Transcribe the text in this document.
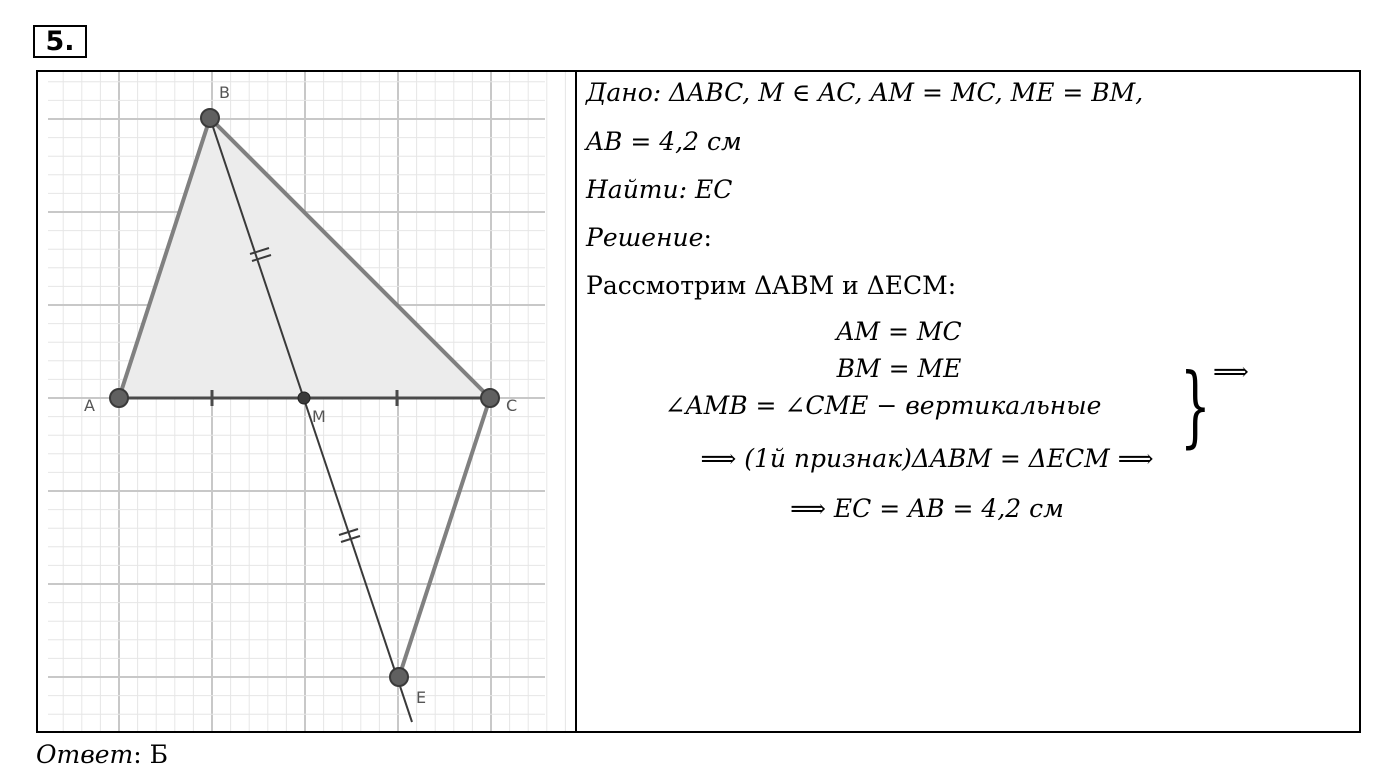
5.
A
B
C
M
E
Дано: ΔABC, M ∈ AC, AM = MC, ME = BM,
AB = 4,2 см
Найти: EC
Решение:
Рассмотрим ΔABM и ΔECM:
AM = MC
BM = ME
∠AMB = ∠CME − вертикальные } ⟹
⟹ (1й признак)ΔABM = ΔECM ⟹
⟹ EC = AB = 4,2 см
Ответ: Б
